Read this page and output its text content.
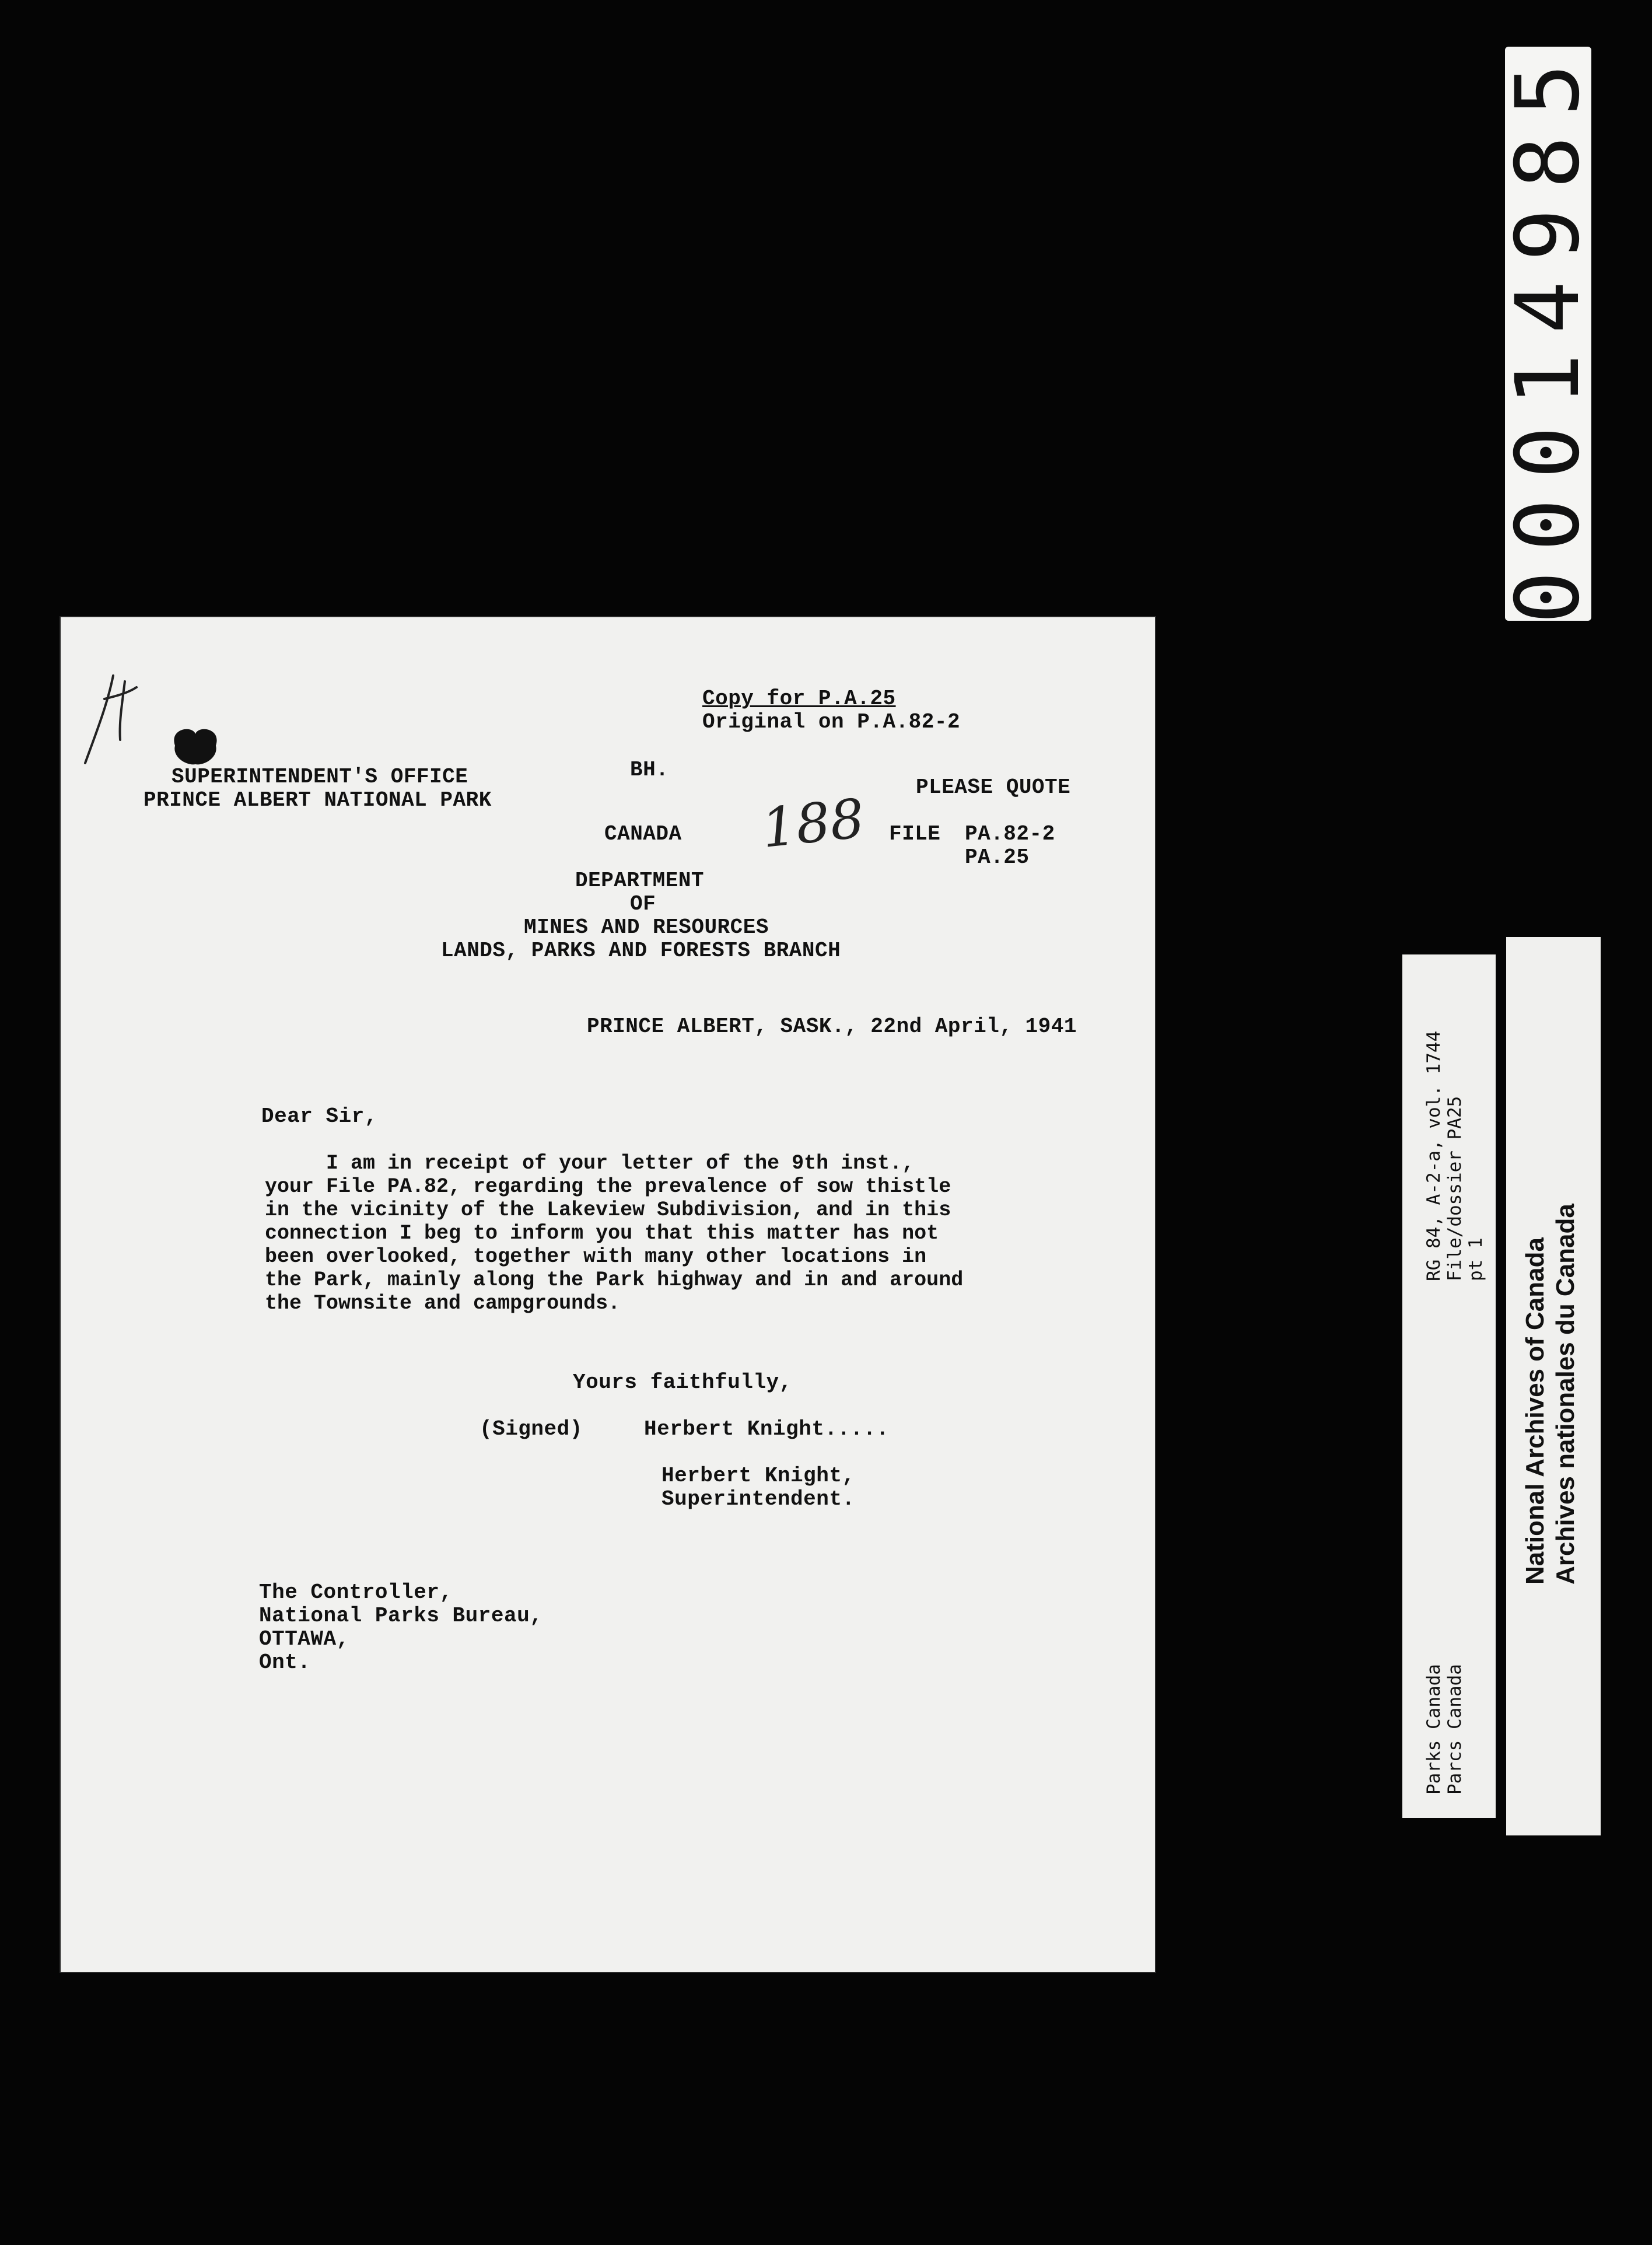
00014985
RG 84, A-2-a, vol. 1744 File/dossier PA25 pt 1
Parks Canada Parcs Canada
National Archives of Canada Archives nationales du Canada
Copy for P.A.25
Original on P.A.82-2
SUPERINTENDENT'S OFFICE
PRINCE ALBERT NATIONAL PARK
BH.
PLEASE QUOTE
CANADA 188 FILE PA.82-2
PA.25
DEPARTMENT
OF
MINES AND RESOURCES
LANDS, PARKS AND FORESTS BRANCH
PRINCE ALBERT, SASK., 22nd April, 1941
Dear Sir,
I am in receipt of your letter of the 9th inst.,
your File PA.82, regarding the prevalence of sow thistle
in the vicinity of the Lakeview Subdivision, and in this
connection I beg to inform you that this matter has not
been overlooked, together with many other locations in
the Park, mainly along the Park highway and in and around
the Townsite and campgrounds.
Yours faithfully,
(Signed)	Herbert Knight.....
Herbert Knight,
Superintendent.
The Controller,
National Parks Bureau,
OTTAWA,
Ont.
